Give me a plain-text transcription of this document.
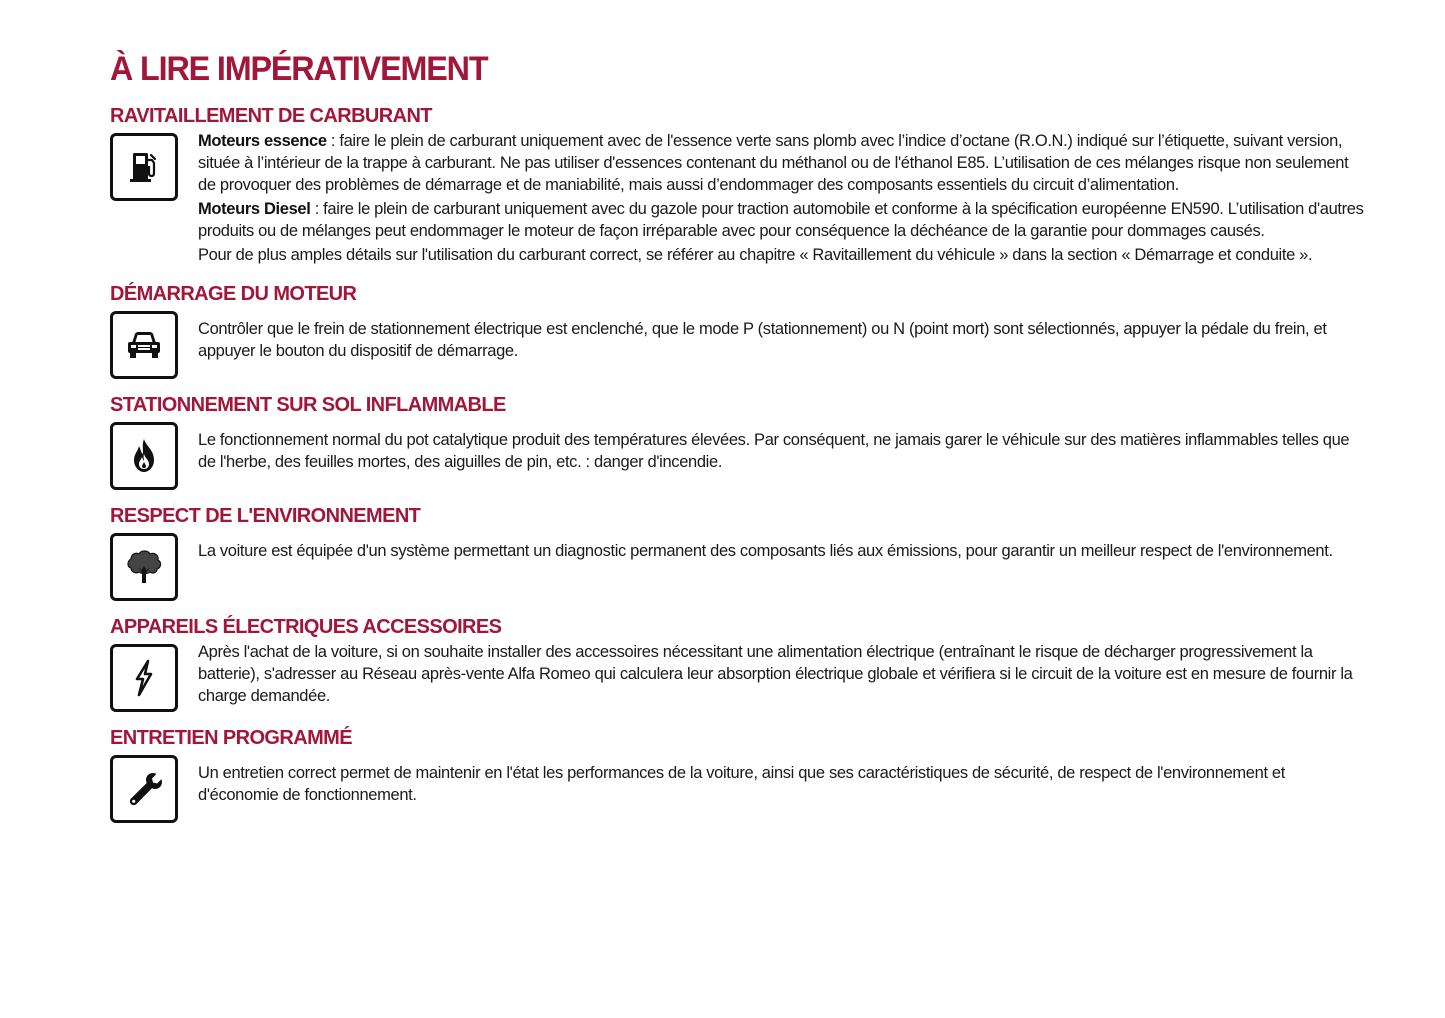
À LIRE IMPÉRATIVEMENT
RAVITAILLEMENT DE CARBURANT

Moteurs essence : faire le plein de carburant uniquement avec de l'essence verte sans plomb avec l’indice d’octane (R.O.N.) indiqué sur l’étiquette, suivant version, située à l’intérieur de la trappe à carburant. Ne pas utiliser d'essences contenant du méthanol ou de l'éthanol E85. L’utilisation de ces mélanges risque non seulement de provoquer des problèmes de démarrage et de maniabilité, mais aussi d’endommager des composants essentiels du circuit d’alimentation.

Moteurs Diesel : faire le plein de carburant uniquement avec du gazole pour traction automobile et conforme à la spécification européenne EN590. L’utilisation d'autres produits ou de mélanges peut endommager le moteur de façon irréparable avec pour conséquence la déchéance de la garantie pour dommages causés.

Pour de plus amples détails sur l'utilisation du carburant correct, se référer au chapitre « Ravitaillement du véhicule » dans la section « Démarrage et conduite ».

DÉMARRAGE DU MOTEUR

Contrôler que le frein de stationnement électrique est enclenché, que le mode P (stationnement) ou N (point mort) sont sélectionnés, appuyer la pédale du frein, et appuyer le bouton du dispositif de démarrage.

STATIONNEMENT SUR SOL INFLAMMABLE

Le fonctionnement normal du pot catalytique produit des températures élevées. Par conséquent, ne jamais garer le véhicule sur des matières inflammables telles que de l'herbe, des feuilles mortes, des aiguilles de pin, etc. : danger d'incendie.

RESPECT DE L'ENVIRONNEMENT

La voiture est équipée d'un système permettant un diagnostic permanent des composants liés aux émissions, pour garantir un meilleur respect de l'environnement.

APPAREILS ÉLECTRIQUES ACCESSOIRES

Après l'achat de la voiture, si on souhaite installer des accessoires nécessitant une alimentation électrique (entraînant le risque de décharger progressivement la batterie), s'adresser au Réseau après-vente Alfa Romeo qui calculera leur absorption électrique globale et vérifiera si le circuit de la voiture est en mesure de fournir la charge demandée.

ENTRETIEN PROGRAMMÉ

Un entretien correct permet de maintenir en l'état les performances de la voiture, ainsi que ses caractéristiques de sécurité, de respect de l'environnement et d'économie de fonctionnement.
